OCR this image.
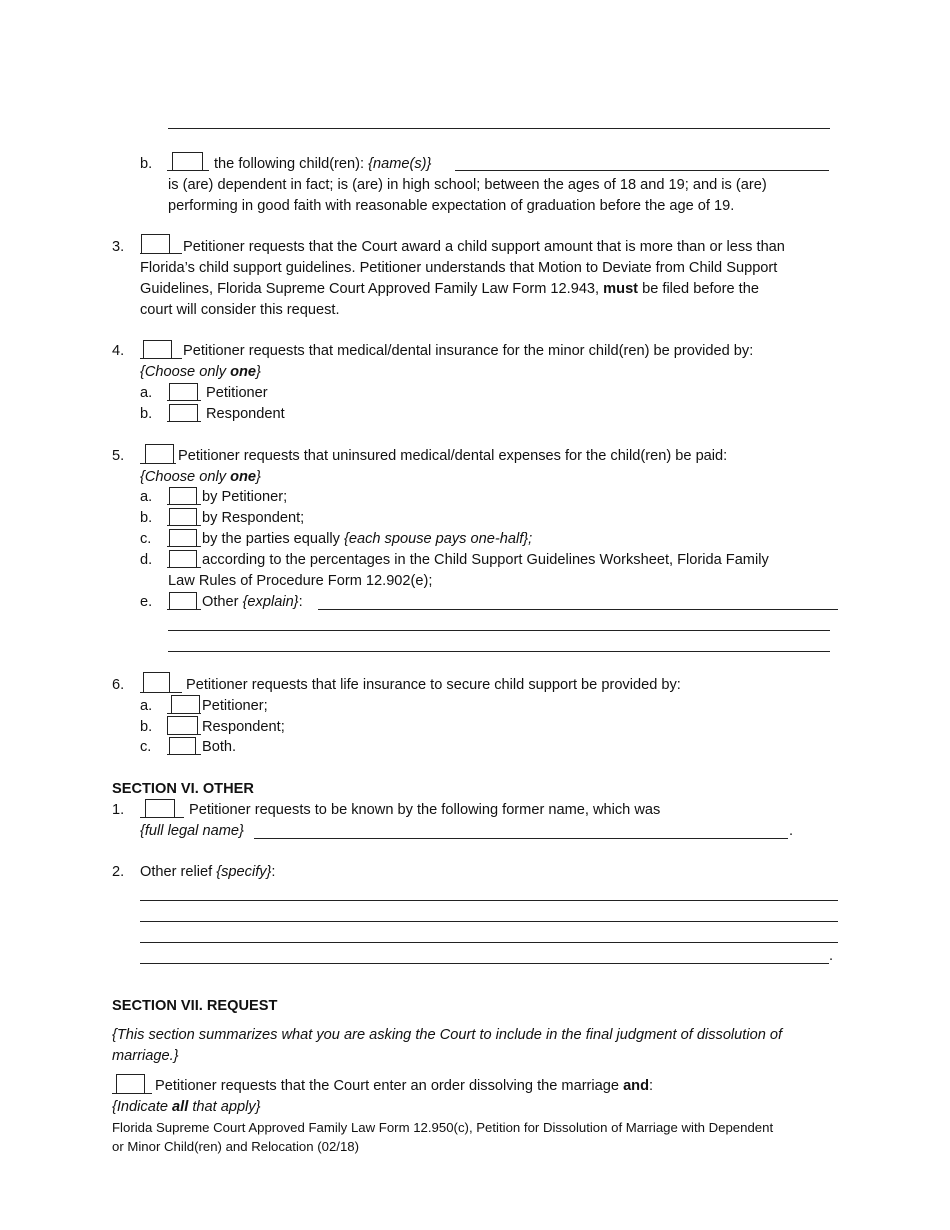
b.	the following child(ren): {name(s)}
is (are) dependent in fact; is (are) in high school; between the ages of 18 and 19; and is (are)
performing in good faith with reasonable expectation of graduation before the age of 19.
3.	Petitioner requests that the Court award a child support amount that is more than or less than
Florida’s child support guidelines. Petitioner understands that Motion to Deviate from Child Support
Guidelines, Florida Supreme Court Approved Family Law Form 12.943, must be filed before the
court will consider this request.
4.	Petitioner requests that medical/dental insurance for the minor child(ren) be provided by:
{Choose only one}
a.	Petitioner
b.	Respondent
5.	Petitioner requests that uninsured medical/dental expenses for the child(ren) be paid:
{Choose only one}
a.	by Petitioner;
b.	by Respondent;
c.	by the parties equally {each spouse pays one-half};
d.	according to the percentages in the Child Support Guidelines Worksheet, Florida Family
Law Rules of Procedure Form 12.902(e);
e.	Other {explain}:
6.	Petitioner requests that life insurance to secure child support be provided by:
a.	Petitioner;
b.	Respondent;
c.	Both.
SECTION VI. OTHER
1.	Petitioner requests to be known by the following former name, which was
{full legal name}	.
2. Other relief {specify}:
.
SECTION VII. REQUEST
{This section summarizes what you are asking the Court to include in the final judgment of dissolution of
marriage.}
Petitioner requests that the Court enter an order dissolving the marriage and:
{Indicate all that apply}
Florida Supreme Court Approved Family Law Form 12.950(c), Petition for Dissolution of Marriage with Dependent
or Minor Child(ren) and Relocation (02/18)
